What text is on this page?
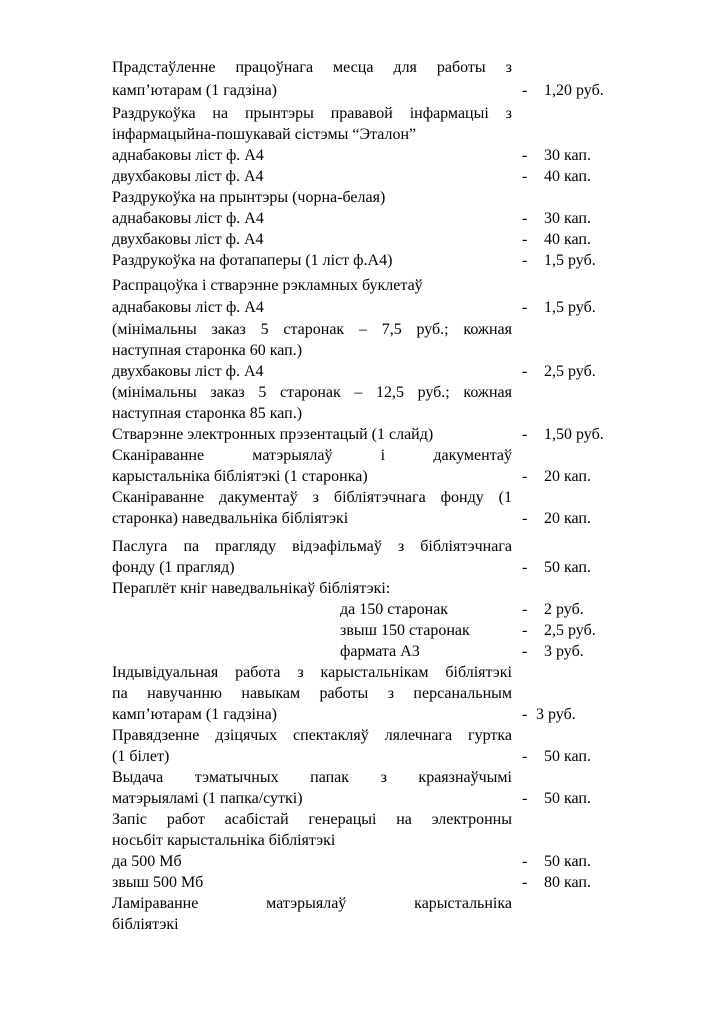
Прадстаўленне працоўнага месца для работы з
камп’ютарам (1 гадзіна)	- 1,20 руб.
Раздрукоўка на прынтэры прававой інфармацыі з
інфармацыйна-пошукавай сістэмы “Эталон”
аднабаковы ліст ф. А4	- 30 кап.
двухбаковы ліст ф. А4	- 40 кап.
Раздрукоўка на прынтэры (чорна-белая)
аднабаковы ліст ф. А4	- 30 кап.
двухбаковы ліст ф. А4	- 40 кап.
Раздрукоўка на фотапаперы (1 ліст ф.А4)	- 1,5 руб.
Распрацоўка і стварэнне рэкламных буклетаў
аднабаковы ліст ф. А4	- 1,5 руб.
(мінімальны заказ 5 старонак – 7,5 руб.; кожная
наступная старонка 60 кап.)
двухбаковы ліст ф. А4	- 2,5 руб.
(мінімальны заказ 5 старонак – 12,5 руб.; кожная
наступная старонка 85 кап.)
Стварэнне электронных прэзентацый (1 слайд)	- 1,50 руб.
Сканіраванне матэрыялаў і дакументаў
карыстальніка бібліятэкі (1 старонка)	- 20 кап.
Сканіраванне дакументаў з бібліятэчнага фонду (1
старонка) наведвальніка бібліятэкі	- 20 кап.
Паслуга па прагляду відэафільмаў з бібліятэчнага
фонду (1 прагляд)	- 50 кап.
Пераплёт кніг наведвальнікаў бібліятэкі:
да 150 старонак	- 2 руб.
звыш 150 старонак	- 2,5 руб.
фармата А3	- 3 руб.
Індывідуальная работа з карыстальнікам бібліятэкі
па навучанню навыкам работы з персанальным
камп’ютарам (1 гадзіна)	- 3 руб.
Правядзенне дзіцячых спектакляў лялечнага гуртка
(1 білет)	- 50 кап.
Выдача тэматычных папак з краязнаўчымі
матэрыяламі (1 папка/суткі)	- 50 кап.
Запіс работ асабістай генерацыі на электронны
носьбіт карыстальніка бібліятэкі
да 500 Мб	- 50 кап.
звыш 500 Мб	- 80 кап.
Ламіраванне матэрыялаў карыстальніка
бібліятэкі
